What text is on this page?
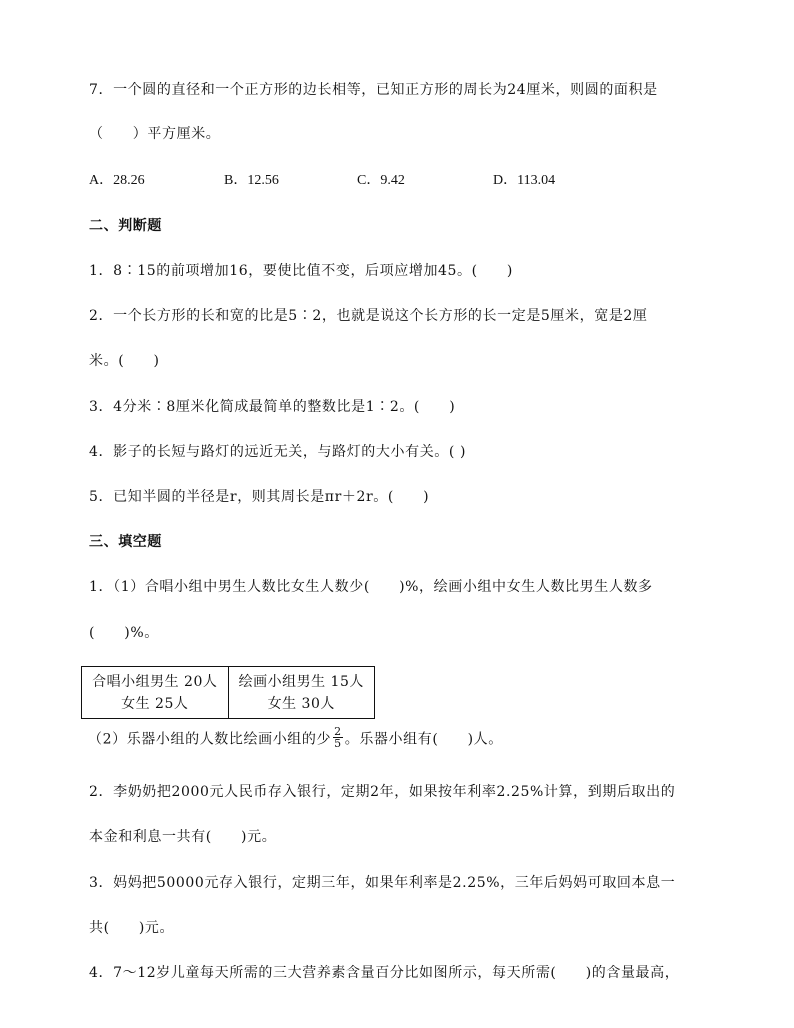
7．一个圆的直径和一个正方形的边长相等，已知正方形的周长为24厘米，则圆的面积是
（　　）平方厘米。
A．28.26	B．12.56	C．9.42	D．113.04
二、判断题
1．8∶15的前项增加16，要使比值不变，后项应增加45。(　　)
2．一个长方形的长和宽的比是5∶2，也就是说这个长方形的长一定是5厘米，宽是2厘
米。(　　)
3．4分米∶8厘米化简成最简单的整数比是1∶2。(　　)
4．影子的长短与路灯的远近无关，与路灯的大小有关。( )
5．已知半圆的半径是r，则其周长是πr＋2r。(　　)
三、填空题
1．（1）合唱小组中男生人数比女生人数少(　　)%，绘画小组中女生人数比男生人数多
(　　)%。
合唱小组男生 20人
女生 25人

绘画小组男生 15人
女生 30人
（2）乐器小组的人数比绘画小组的少 $\frac{2}{5}$ 。乐器小组有(　　)人。
2．李奶奶把2000元人民币存入银行，定期2年，如果按年利率2.25%计算，到期后取出的
本金和利息一共有(　　)元。
3．妈妈把50000元存入银行，定期三年，如果年利率是2.25%，三年后妈妈可取回本息一
共(　　)元。
4．7～12岁儿童每天所需的三大营养素含量百分比如图所示，每天所需(　　)的含量最高，
